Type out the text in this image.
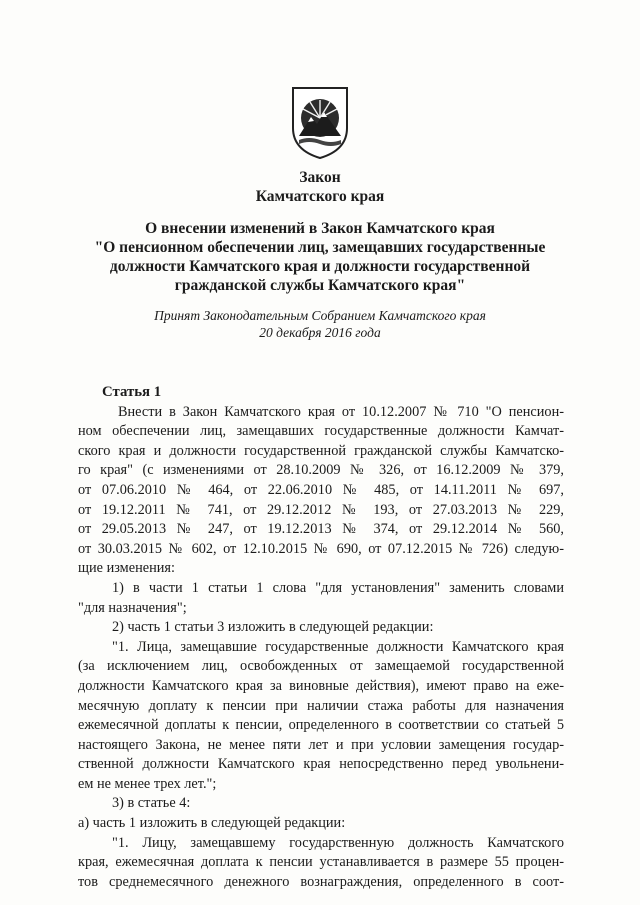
Закон
Камчатского края
О внесении изменений в Закон Камчатского края
"О пенсионном обеспечении лиц, замещавших государственные
должности Камчатского края и должности государственной
гражданской службы Камчатского края"
Принят Законодательным Собранием Камчатского края
20 декабря 2016 года
Статья 1
Внести в Закон Камчатского края от 10.12.2007 № 710 "О пенсион-
ном обеспечении лиц, замещавших государственные должности Камчат-
ского края и должности государственной гражданской службы Камчатско-
го края" (с изменениями от 28.10.2009 № 326, от 16.12.2009 № 379,
от 07.06.2010 № 464, от 22.06.2010 № 485, от 14.11.2011 № 697,
от 19.12.2011 № 741, от 29.12.2012 № 193, от 27.03.2013 № 229,
от 29.05.2013 № 247, от 19.12.2013 № 374, от 29.12.2014 № 560,
от 30.03.2015 № 602, от 12.10.2015 № 690, от 07.12.2015 № 726) следую-
щие изменения:
1) в части 1 статьи 1 слова "для установления" заменить словами
"для назначения";
2) часть 1 статьи 3 изложить в следующей редакции:
"1. Лица, замещавшие государственные должности Камчатского края
(за исключением лиц, освобожденных от замещаемой государственной
должности Камчатского края за виновные действия), имеют право на ежe-
месячную доплату к пенсии при наличии стажа работы для назначения
ежемесячной доплаты к пенсии, определенного в соответствии со статьей 5
настоящего Закона, не менее пяти лет и при условии замещения государ-
ственной должности Камчатского края непосредственно перед увольнени-
ем не менее трех лет.";
3) в статье 4:
а) часть 1 изложить в следующей редакции:
"1. Лицу, замещавшему государственную должность Камчатского
края, ежемесячная доплата к пенсии устанавливается в размере 55 процен-
тов среднемесячного денежного вознаграждения, определенного в соот-
